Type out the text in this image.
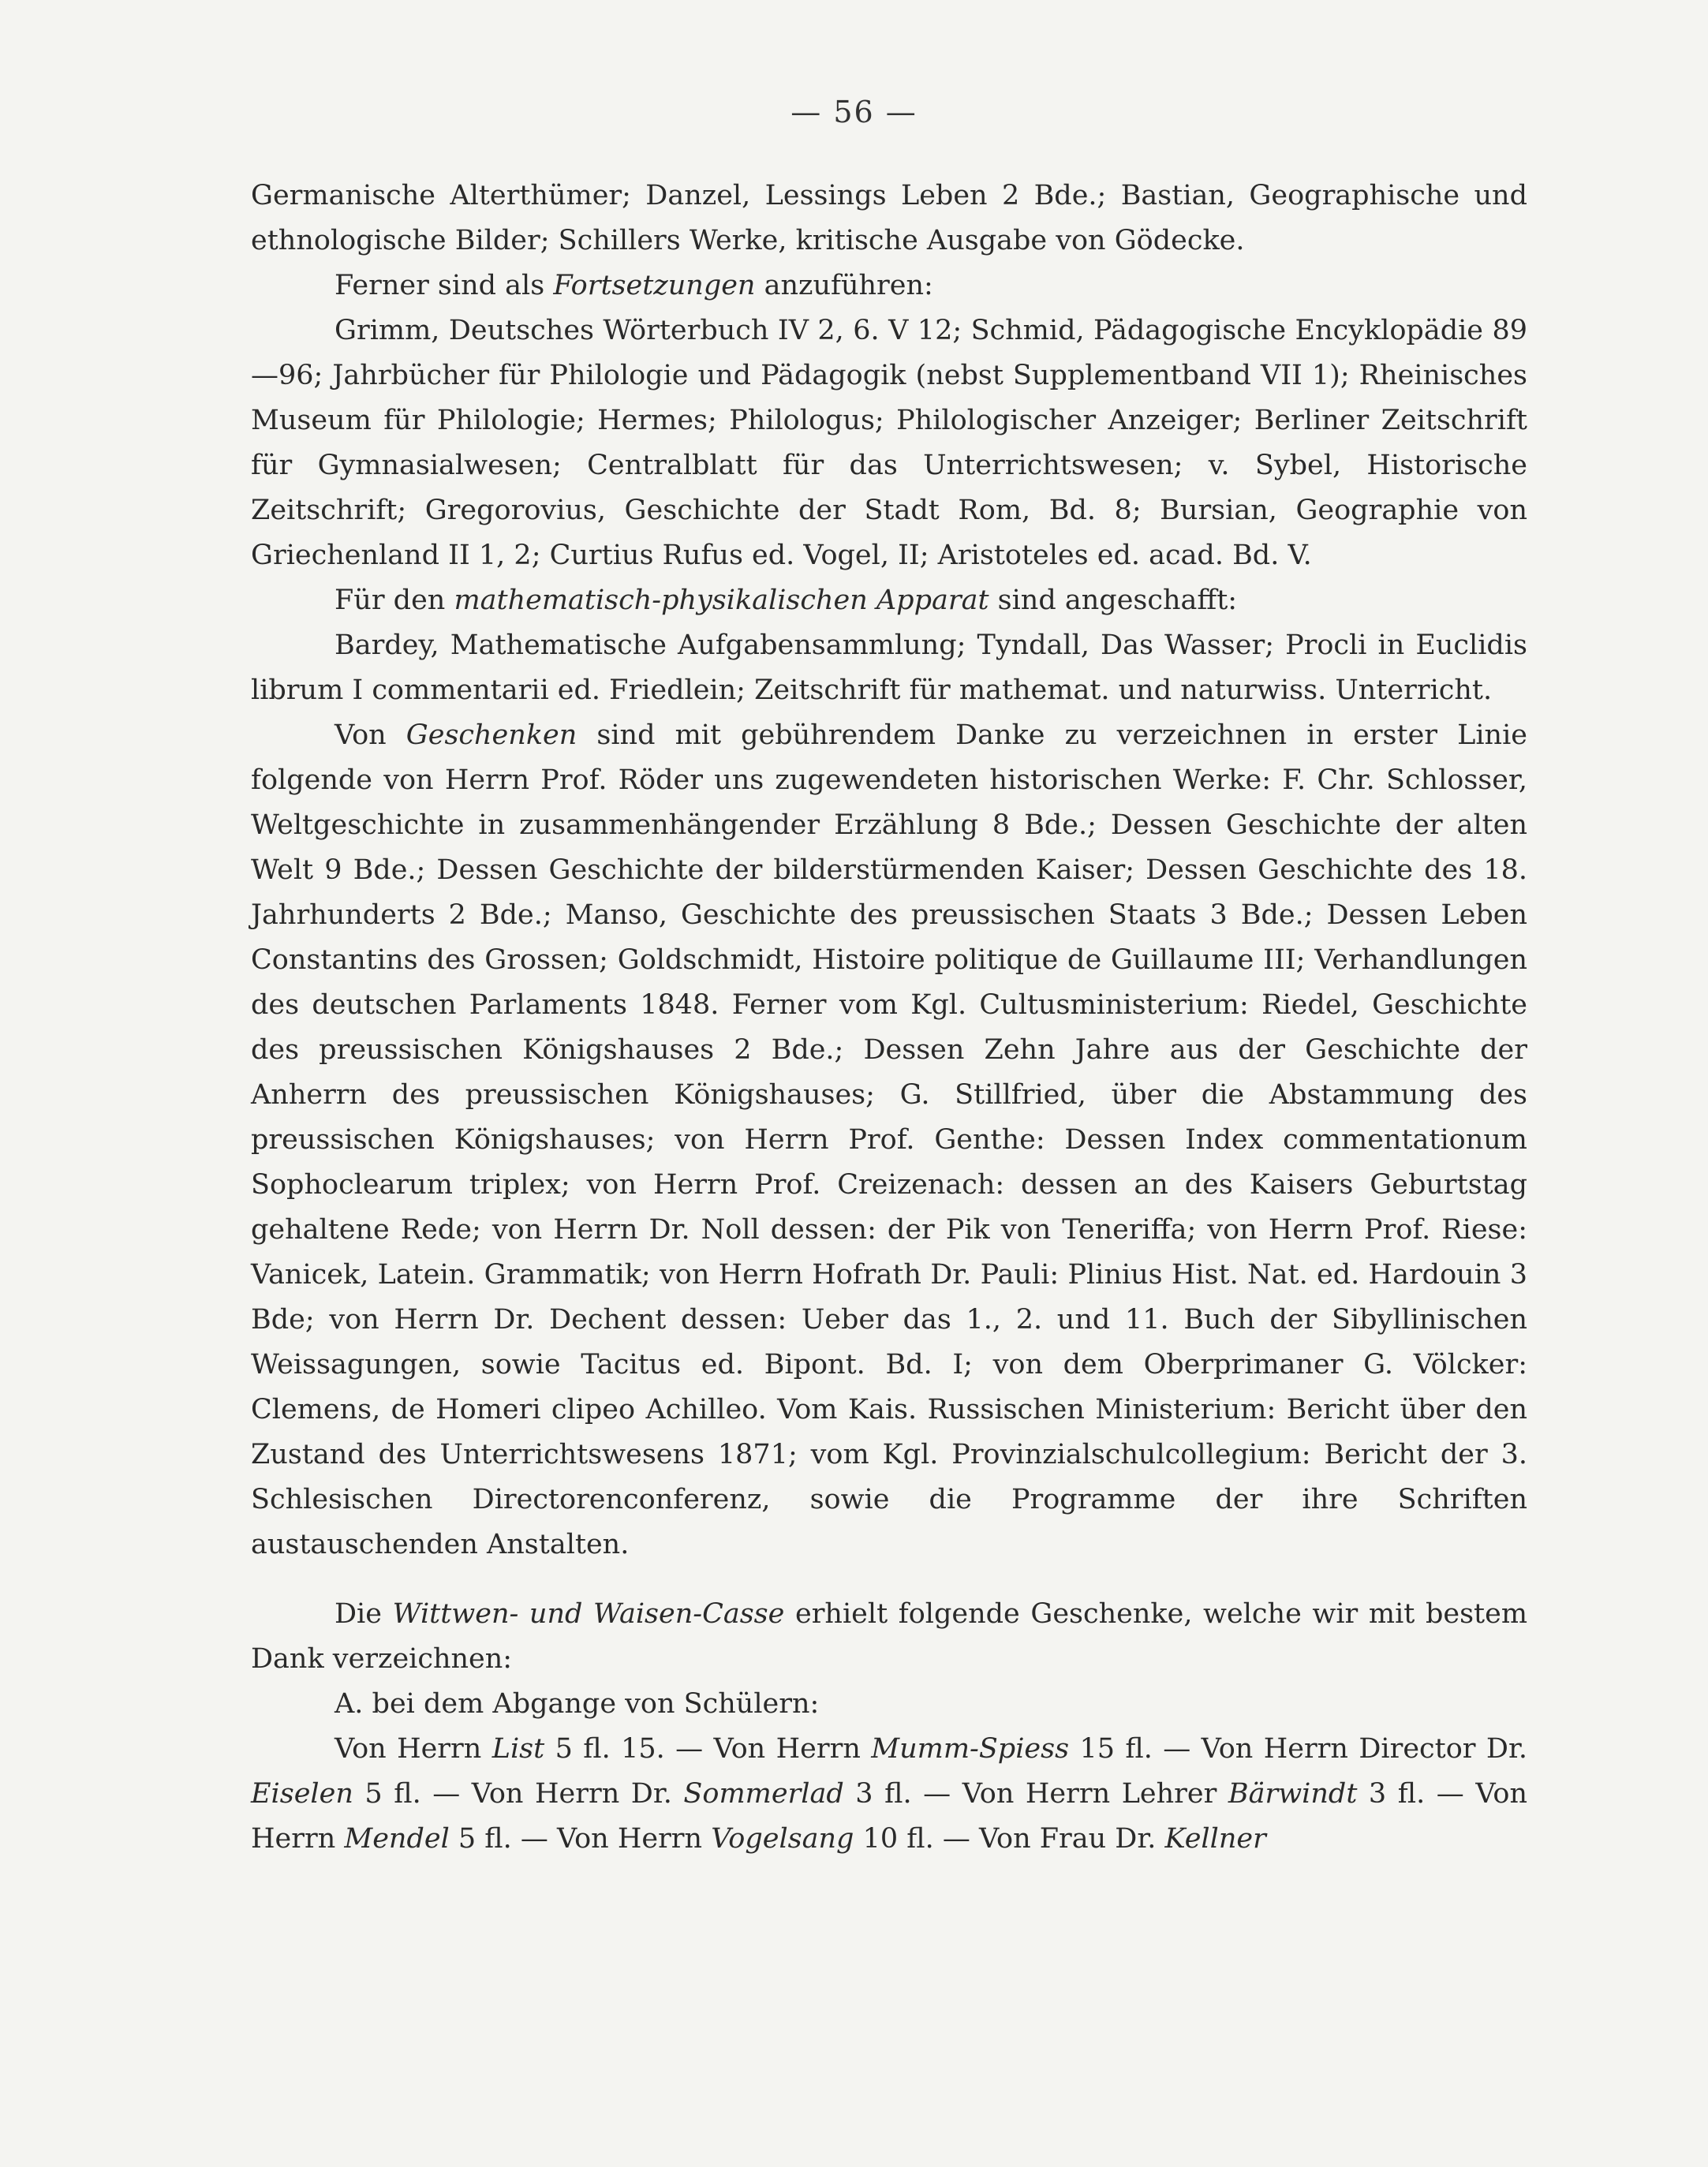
— 56 —

Germanische Alterthümer; Danzel, Lessings Leben 2 Bde.; Bastian, Geographische und ethnologische Bilder; Schillers Werke, kritische Ausgabe von Gödecke.

Ferner sind als Fortsetzungen anzuführen:

Grimm, Deutsches Wörterbuch IV 2, 6. V 12; Schmid, Pädagogische Encyklopädie 89—96; Jahrbücher für Philologie und Pädagogik (nebst Supplementband VII 1); Rheinisches Museum für Philologie; Hermes; Philologus; Philologischer Anzeiger; Berliner Zeitschrift für Gymnasialwesen; Centralblatt für das Unterrichtswesen; v. Sybel, Historische Zeitschrift; Gregorovius, Geschichte der Stadt Rom, Bd. 8; Bursian, Geographie von Griechenland II 1, 2; Curtius Rufus ed. Vogel, II; Aristoteles ed. acad. Bd. V.

Für den mathematisch-physikalischen Apparat sind angeschafft:

Bardey, Mathematische Aufgabensammlung; Tyndall, Das Wasser; Procli in Euclidis librum I commentarii ed. Friedlein; Zeitschrift für mathemat. und naturwiss. Unterricht.

Von Geschenken sind mit gebührendem Danke zu verzeichnen in erster Linie folgende von Herrn Prof. Röder uns zugewendeten historischen Werke: F. Chr. Schlosser, Weltgeschichte in zusammenhängender Erzählung 8 Bde.; Dessen Geschichte der alten Welt 9 Bde.; Dessen Geschichte der bilderstürmenden Kaiser; Dessen Geschichte des 18. Jahrhunderts 2 Bde.; Manso, Geschichte des preussischen Staats 3 Bde.; Dessen Leben Constantins des Grossen; Goldschmidt, Histoire politique de Guillaume III; Verhandlungen des deutschen Parlaments 1848. Ferner vom Kgl. Cultusministerium: Riedel, Geschichte des preussischen Königshauses 2 Bde.; Dessen Zehn Jahre aus der Geschichte der Anherrn des preussischen Königshauses; G. Stillfried, über die Abstammung des preussischen Königshauses; von Herrn Prof. Genthe: Dessen Index commentationum Sophoclearum triplex; von Herrn Prof. Creizenach: dessen an des Kaisers Geburtstag gehaltene Rede; von Herrn Dr. Noll dessen: der Pik von Teneriffa; von Herrn Prof. Riese: Vanicek, Latein. Grammatik; von Herrn Hofrath Dr. Pauli: Plinius Hist. Nat. ed. Hardouin 3 Bde; von Herrn Dr. Dechent dessen: Ueber das 1., 2. und 11. Buch der Sibyllinischen Weissagungen, sowie Tacitus ed. Bipont. Bd. I; von dem Oberprimaner G. Völcker: Clemens, de Homeri clipeo Achilleo. Vom Kais. Russischen Ministerium: Bericht über den Zustand des Unterrichtswesens 1871; vom Kgl. Provinzialschulcollegium: Bericht der 3. Schlesischen Directorenconferenz, sowie die Programme der ihre Schriften austauschenden Anstalten.

Die Wittwen- und Waisen-Casse erhielt folgende Geschenke, welche wir mit bestem Dank verzeichnen:

A. bei dem Abgange von Schülern:

Von Herrn List 5 fl. 15. — Von Herrn Mumm-Spiess 15 fl. — Von Herrn Director Dr. Eiselen 5 fl. — Von Herrn Dr. Sommerlad 3 fl. — Von Herrn Lehrer Bärwindt 3 fl. — Von Herrn Mendel 5 fl. — Von Herrn Vogelsang 10 fl. — Von Frau Dr. Kellner
